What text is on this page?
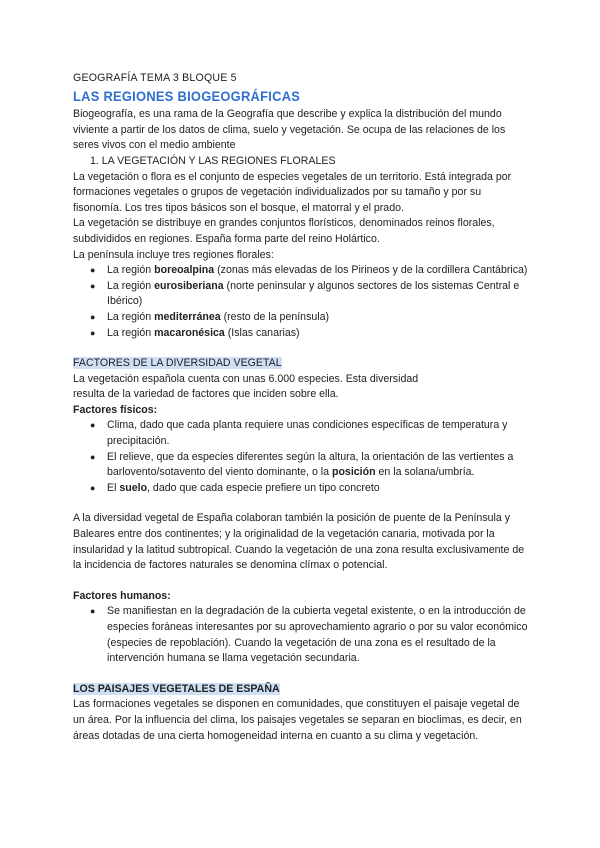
GEOGRAFÍA TEMA 3 BLOQUE 5
LAS REGIONES BIOGEOGRÁFICAS

Biogeografía, es una rama de la Geografía que describe y explica la distribución del mundo viviente a partir de los datos de clima, suelo y vegetación. Se ocupa de las relaciones de los seres vivos con el medio ambiente

1. LA VEGETACIÓN Y LAS REGIONES FLORALES

La vegetación o flora es el conjunto de especies vegetales de un territorio. Está integrada por formaciones vegetales o grupos de vegetación individualizados por su tamaño y por su fisonomía. Los tres tipos básicos son el bosque, el matorral y el prado.

La vegetación se distribuye en grandes conjuntos florísticos, denominados reinos florales, subdivididos en regiones. España forma parte del reino Holártico.

La península incluye tres regiones florales:

● La región boreoalpina (zonas más elevadas de los Pirineos y de la cordillera Cantábrica)
● La región eurosiberiana (norte peninsular y algunos sectores de los sistemas Central e Ibérico)
● La región mediterránea (resto de la península)
● La región macaronésica (Islas canarias)

FACTORES DE LA DIVERSIDAD VEGETAL

La vegetación española cuenta con unas 6.000 especies. Esta diversidad

resulta de la variedad de factores que inciden sobre ella.

Factores físicos:

● Clima, dado que cada planta requiere unas condiciones específicas de temperatura y precipitación.
● El relieve, que da especies diferentes según la altura, la orientación de las vertientes a barlovento/sotavento del viento dominante, o la posición en la solana/umbría.
● El suelo, dado que cada especie prefiere un tipo concreto

A la diversidad vegetal de España colaboran también la posición de puente de la Península y Baleares entre dos continentes; y la originalidad de la vegetación canaria, motivada por la insularidad y la latitud subtropical. Cuando la vegetación de una zona resulta exclusivamente de la incidencia de factores naturales se denomina clímax o potencial.

Factores humanos:

● Se manifiestan en la degradación de la cubierta vegetal existente, o en la introducción de especies foráneas interesantes por su aprovechamiento agrario o por su valor económico (especies de repoblación). Cuando la vegetación de una zona es el resultado de la intervención humana se llama vegetación secundaria.

LOS PAISAJES VEGETALES DE ESPAÑA

Las formaciones vegetales se disponen en comunidades, que constituyen el paisaje vegetal de un área. Por la influencia del clima, los paisajes vegetales se separan en bioclimas, es decir, en áreas dotadas de una cierta homogeneidad interna en cuanto a su clima y vegetación.
